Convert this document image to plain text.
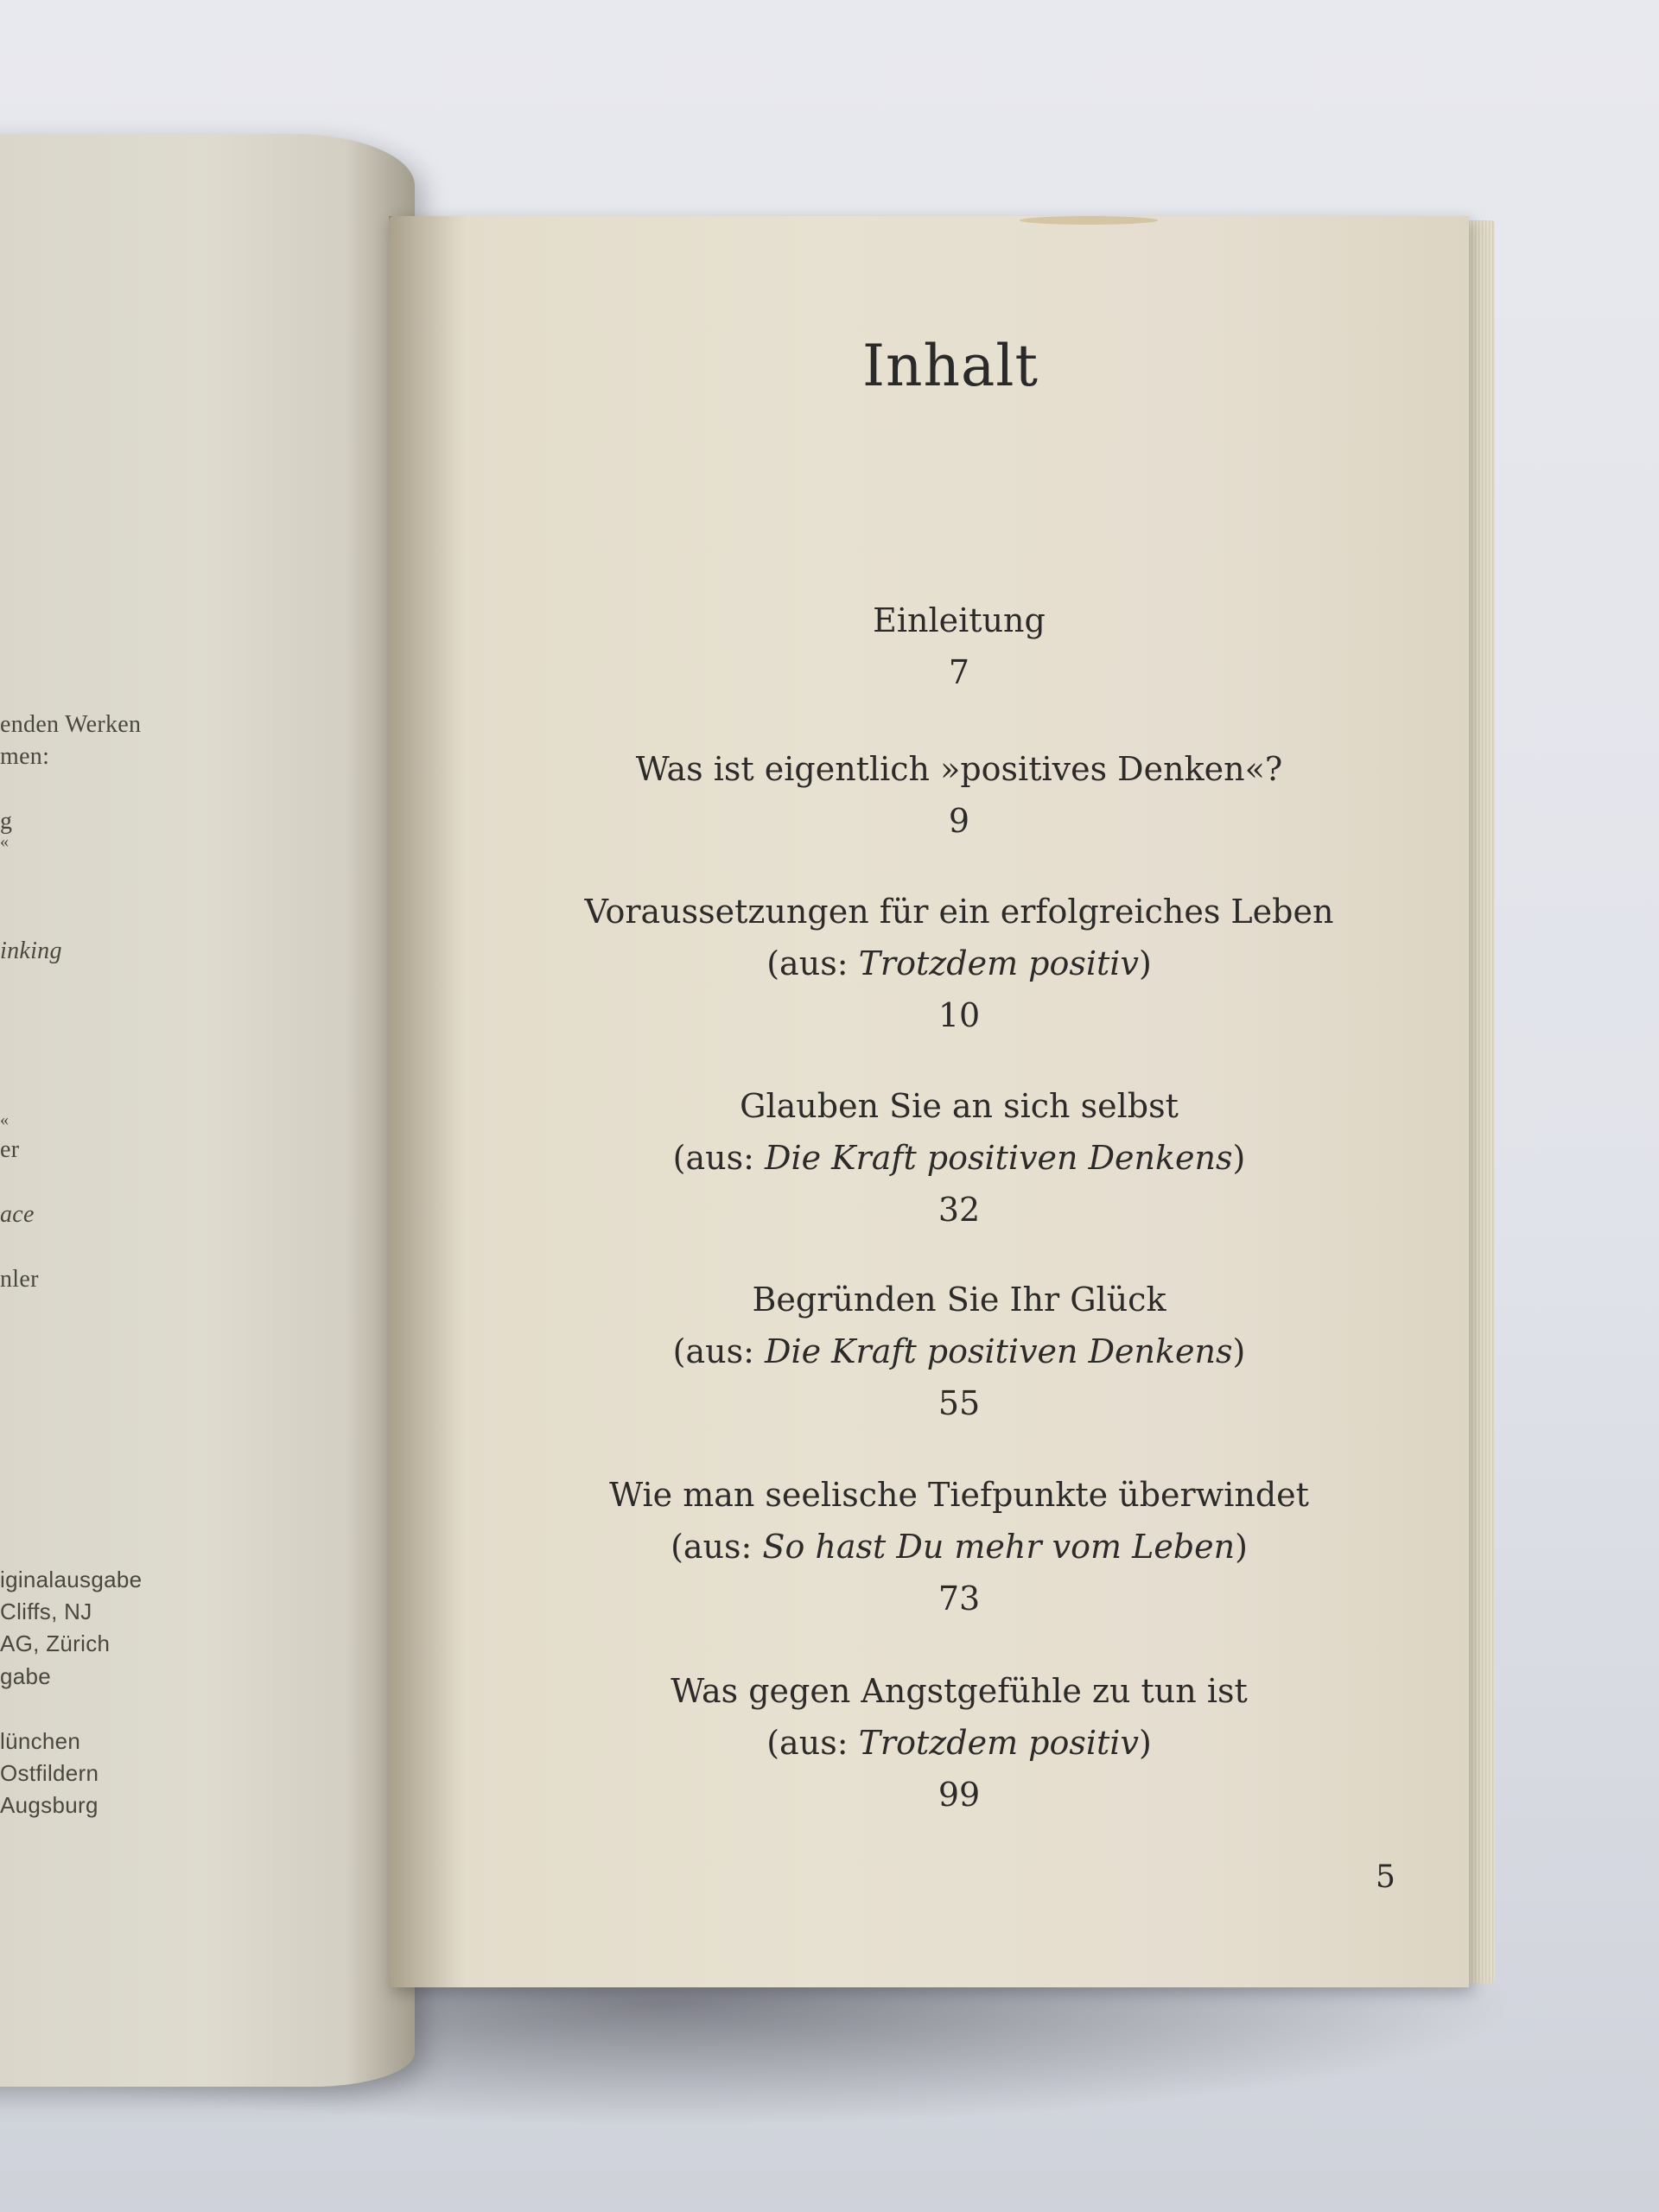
enden Werken
men:
g
«
inking
«
er
ace
nler
iginalausgabe
Cliffs, NJ
AG, Zürich
gabe
lünchen
Ostfildern
Augsburg
Inhalt
Einleitung
7
Was ist eigentlich »positives Denken«?
9
Voraussetzungen für ein erfolgreiches Leben
(aus: Trotzdem positiv)
10
Glauben Sie an sich selbst
(aus: Die Kraft positiven Denkens)
32
Begründen Sie Ihr Glück
(aus: Die Kraft positiven Denkens)
55
Wie man seelische Tiefpunkte überwindet
(aus: So hast Du mehr vom Leben)
73
Was gegen Angstgefühle zu tun ist
(aus: Trotzdem positiv)
99
5
